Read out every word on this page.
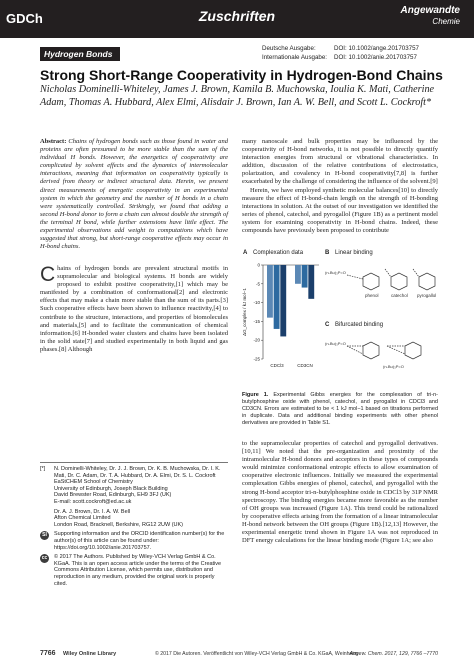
GDCh	Zuschriften	Angewandte
Chemie
Hydrogen Bonds
Deutsche Ausgabe:	DOI: 10.1002/ange.201703757
Internationale Ausgabe: DOI: 10.1002/anie.201703757
Strong Short-Range Cooperativity in Hydrogen-Bond Chains
Nicholas Dominelli-Whiteley, James J. Brown, Kamila B. Muchowska, Ioulia K. Mati, Catherine Adam, Thomas A. Hubbard, Alex Elmi, Alisdair J. Brown, Ian A. W. Bell, and Scott L. Cockroft*
Abstract: Chains of hydrogen bonds such as those found in water and proteins are often presumed to be more stable than the sum of the individual H bonds. However, the energetics of cooperativity are complicated by solvent effects and the dynamics of intermolecular interactions, meaning that information on cooperativity typically is derived from theory or indirect structural data. Herein, we present direct measurements of energetic cooperativity in an experimental system in which the geometry and the number of H bonds in a chain were systematically controlled. Strikingly, we found that adding a second H-bond donor to form a chain can almost double the strength of the terminal H bond, while further extensions have little effect. The experimental observations add weight to computations which have suggested that strong, but short-range cooperative effects may occur in H-bond chains.

many nanoscale and bulk properties may be influenced by the cooperativity of H-bond networks, it is not possible to directly quantify interaction energies from structural or vibrational characteristics. In addition, discussion of the relative contributions of electrostatics, polarization, and covalency in H-bond cooperativity[7,8] is further exacerbated by the challenge of considering the influence of the solvent.[9]

Herein, we have employed synthetic molecular balances[10] to directly measure the effect of H-bond-chain length on the strength of H-bonding interactions in solution. At the outset of our investigation we identified the series of phenol, catechol, and pyrogallol (Figure 1B) as a pertinent model system for examining cooperativity in H-bond chains. Indeed, these compounds have previously been proposed to contribute

Chains of hydrogen bonds are prevalent structural motifs in supramolecular and biological systems. H bonds are widely proposed to exhibit positive cooperativity,[1] which may be manifested by a combination of conformational[2] and electronic effects that may make a chain more stable than the sum of its parts.[3] Such cooperative effects have been shown to influence reactivity,[4] to contribute to the structure, interactions, and properties of biomolecules and materials,[5] and to facilitate the communication of chemical information.[6] H-bonded water clusters and chains have been isolated in the solid state[7] and studied experimentally in both liquid and gas phases.[8] Although
A Complexation data	B Linear binding
C Bifurcated binding
0
-5
-10
-15
-20
-25
ΔG_complex / kJ mol−1
CDCl3	CD3CN
(n-Bu)₃P=O
phenol	catechol pyrogallol
(n-Bu)₃P=O
(n-Bu)₃P=O
Figure 1. Experimental Gibbs energies for the complexation of tri-n-butylphosphine oxide with phenol, catechol, and pyrogallol in CDCl3 and CD3CN. Errors are estimated to be < 1 kJ mol−1 based on titrations performed in duplicate. Data and additional binding experiments with other phenol derivatives are provided in Table S1.
to the supramolecular properties of catechol and pyrogallol derivatives.[10,11] We noted that the pre-organization and proximity of the intramolecular H-bond donors and acceptors in these types of compounds would minimize conformational entropic effects to allow examination of cooperative electronic influences. Initially we measured the experimental complexation Gibbs energies of phenol, catechol, and pyrogallol with the strong H-bond acceptor tri-n-butylphosphine oxide in CDCl3 by 31P NMR spectroscopy. The binding energies became more favorable as the number of OH groups was increased (Figure 1A). This trend could be rationalized by cooperative effects arising from the formation of a linear intramolecular H-bond network between the OH groups (Figure 1B).[12,13] However, the experimental energetic trend shown in Figure 1A was not reproduced in DFT energy calculations for the linear binding mode (Figure 1A; see also
[*] N. Dominelli-Whiteley, Dr. J. J. Brown, Dr. K. B. Muchowska, Dr. I. K. Mati, Dr. C. Adam, Dr. T. A. Hubbard, Dr. A. Elmi, Dr. S. L. Cockroft
EaStCHEM School of Chemistry
University of Edinburgh, Joseph Black Building
David Brewster Road, Edinburgh, EH9 3FJ (UK)
E-mail: scott.cockroft@ed.ac.uk
Dr. A. J. Brown, Dr. I. A. W. Bell
Afton Chemical Limited
London Road, Bracknell, Berkshire, RG12 2UW (UK)
SI	Supporting information and the ORCID identification number(s) for the author(s) of this article can be found under: https://doi.org/10.1002/anie.201703757.
cc	© 2017 The Authors. Published by Wiley-VCH Verlag GmbH & Co. KGaA. This is an open access article under the terms of the Creative Commons Attribution License, which permits use, distribution and reproduction in any medium, provided the original work is properly cited.
7766 Wiley Online Library	© 2017 Die Autoren. Veröffentlicht von Wiley-VCH Verlag GmbH & Co. KGaA, Weinheim
Angew. Chem. 2017, 129, 7766 –7770
